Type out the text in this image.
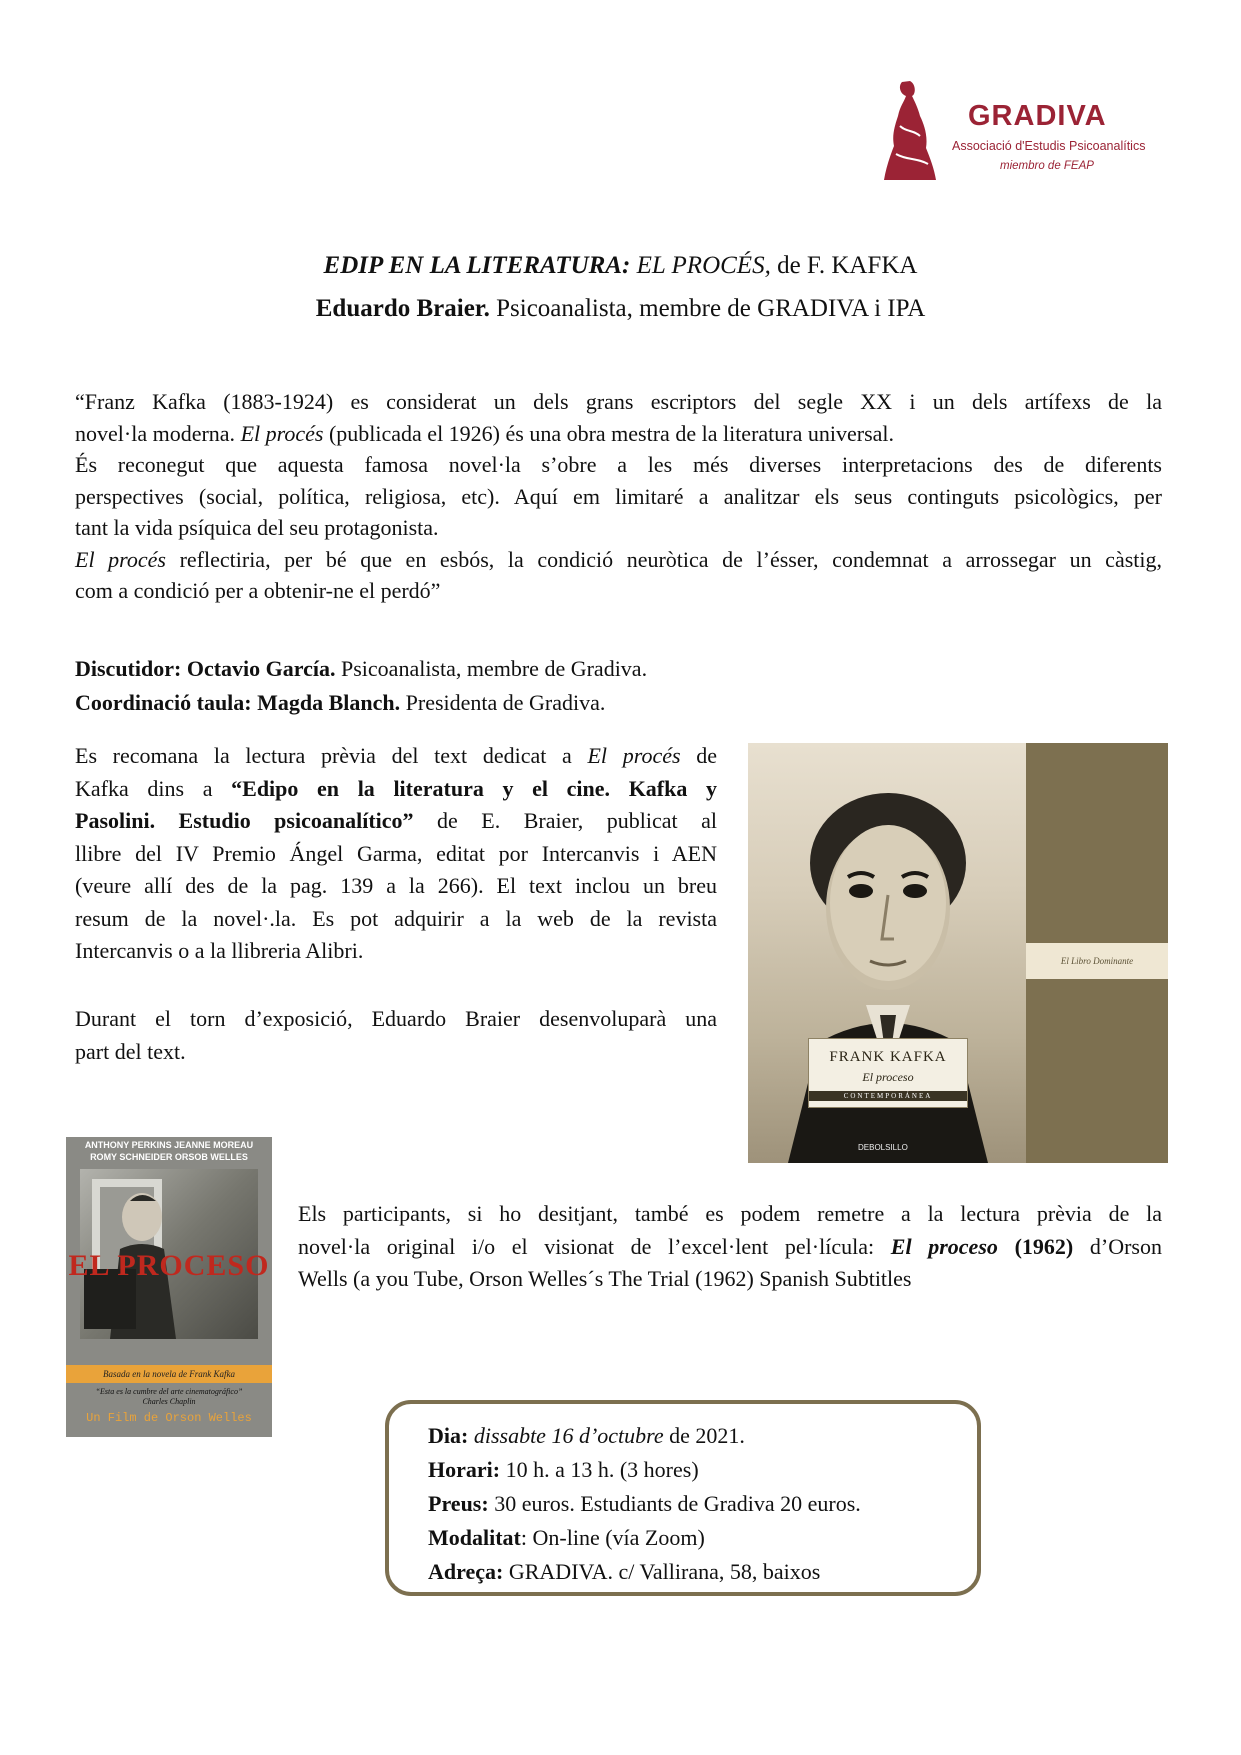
GRADIVA
Associació d'Estudis Psicoanalítics
miembro de FEAP
EDIP EN LA LITERATURA: EL PROCÉS, de F. KAFKA
Eduardo Braier. Psicoanalista, membre de GRADIVA i IPA
“Franz Kafka (1883-1924) es considerat un dels grans escriptors del segle XX i un dels artífexs de la
novel·la moderna. El procés (publicada el 1926) és una obra mestra de la literatura universal.
És reconegut que aquesta famosa novel·la s’obre a les més diverses interpretacions des de diferents
perspectives (social, política, religiosa, etc). Aquí em limitaré a analitzar els seus continguts psicològics, per
tant la vida psíquica del seu protagonista.
El procés reflectiria, per bé que en esbós, la condició neuròtica de l’ésser, condemnat a arrossegar un càstig,
com a condició per a obtenir-ne el perdó”
Discutidor: Octavio García. Psicoanalista, membre de Gradiva.
Coordinació taula: Magda Blanch. Presidenta de Gradiva.
Es recomana la lectura prèvia del text dedicat a El procés de
Kafka dins a “Edipo en la literatura y el cine. Kafka y
Pasolini. Estudio psicoanalítico” de E. Braier, publicat al
llibre del IV Premio Ángel Garma, editat por Intercanvis i AEN
(veure allí des de la pag. 139 a la 266). El text inclou un breu
resum de la novel·.la. Es pot adquirir a la web de la revista
Intercanvis o a la llibreria Alibri.
Durant el torn d’exposició, Eduardo Braier desenvoluparà una
part del text.
El Libro Dominante
FRANK KAFKA
El proceso
CONTEMPORÁNEA
DEBOLSILLO
ANTHONY PERKINS JEANNE MOREAU
ROMY SCHNEIDER ORSOB WELLES
EL PROCESO
Basada en la novela de Frank Kafka
“Esta es la cumbre del arte cinematográfico”
Charles Chaplin
Un Film de Orson Welles
Els participants, si ho desitjant, també es podem remetre a la lectura prèvia de la
novel·la original i/o el visionat de l’excel·lent pel·lícula: El proceso (1962) d’Orson
Wells (a you Tube, Orson Welles´s The Trial (1962) Spanish Subtitles
Dia: dissabte 16 d’octubre de 2021.
Horari: 10 h. a 13 h. (3 hores)
Preus: 30 euros. Estudiants de Gradiva 20 euros.
Modalitat: On-line (vía Zoom)
Adreça: GRADIVA. c/ Vallirana, 58, baixos
